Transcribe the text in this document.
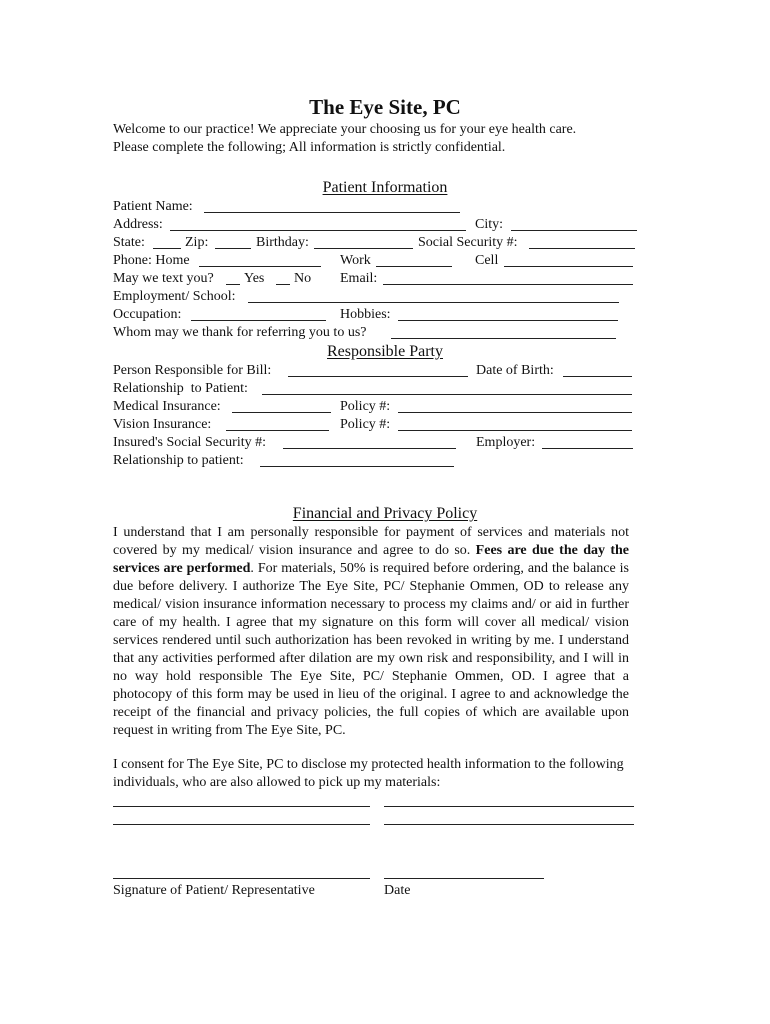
The Eye Site, PC
Welcome to our practice! We appreciate your choosing us for your eye health care.
Please complete the following; All information is strictly confidential.
Patient Information
Patient Name:
Address:	City:
State:	Zip:	Birthday:	Social Security #:
Phone: Home	Work	Cell
May we text you? Yes No Email:
Employment/ School:
Occupation:	Hobbies:
Whom may we thank for referring you to us?
Responsible Party
Person Responsible for Bill:	Date of Birth:
Relationship  to Patient:
Medical Insurance:	Policy #:
Vision Insurance:	Policy #:
Insured's Social Security #:	Employer:
Relationship to patient:
Financial and Privacy Policy
I understand that I am personally responsible for payment of services and materials not covered by my medical/ vision insurance and agree to do so. Fees are due the day the services are performed. For materials, 50% is required before ordering, and the balance is due before delivery. I authorize The Eye Site, PC/ Stephanie Ommen, OD to release any medical/ vision insurance information necessary to process my claims and/ or aid in further care of my health. I agree that my signature on this form will cover all medical/ vision services rendered until such authorization has been revoked in writing by me. I understand that any activities performed after dilation are my own risk and responsibility, and I will in no way hold responsible The Eye Site, PC/ Stephanie Ommen, OD. I agree that a photocopy of this form may be used in lieu of the original. I agree to and acknowledge the receipt of the financial and privacy policies, the full copies of which are available upon request in writing from The Eye Site, PC.
I consent for The Eye Site, PC to disclose my protected health information to the following individuals, who are also allowed to pick up my materials:
Signature of Patient/ Representative	Date
